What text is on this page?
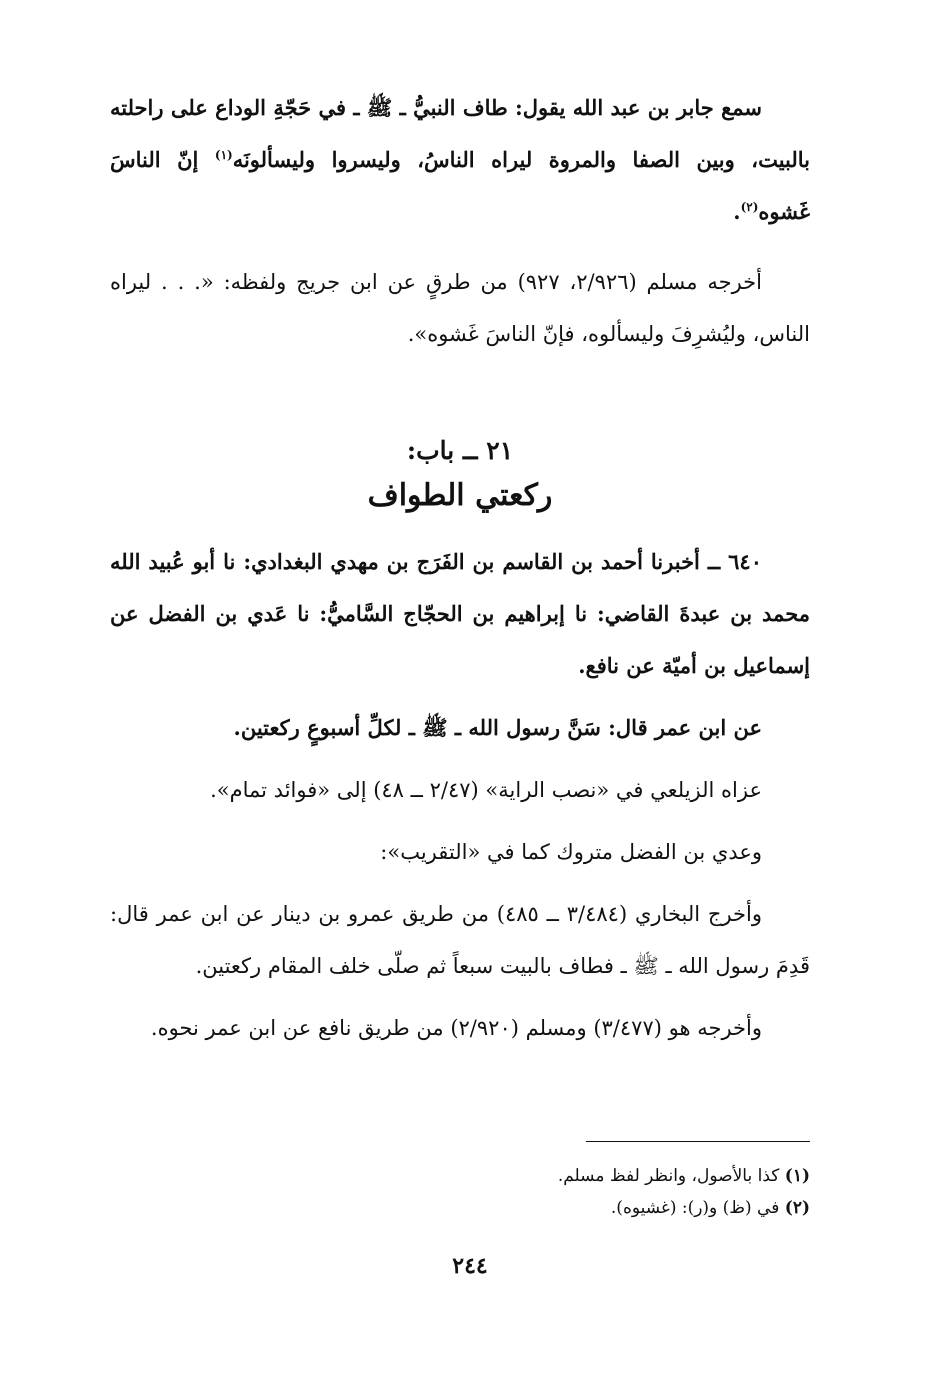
سمع جابر بن عبد الله يقول: طاف النبيُّ ـ ﷺ ـ في حَجّةِ الوداع على راحلته بالبيت، وبين الصفا والمروة ليراه الناسُ، وليسروا وليسألونَه$^{(١)}$ إنّ الناسَ غَشوه$^{(٢)}$.

أخرجه مسلم (٢/٩٢٦، ٩٢٧) من طرقٍ عن ابن جريج ولفظه: «. . . ليراه الناس، وليُشرِفَ وليسألوه، فإنّ الناسَ غَشوه».

٢١ ــ باب:
ركعتي الطواف

٦٤٠ ــ أخبرنا أحمد بن القاسم بن الفَرَج بن مهدي البغدادي: نا أبو عُبيد الله محمد بن عبدةَ القاضي: نا إبراهيم بن الحجّاج السَّاميُّ: نا عَدي بن الفضل عن إسماعيل بن أميّة عن نافع.

عن ابن عمر قال: سَنَّ رسول الله ـ ﷺ ـ لكلِّ أسبوعٍ ركعتين.

عزاه الزيلعي في «نصب الراية» (٢/٤٧ ــ ٤٨) إلى «فوائد تمام».

وعدي بن الفضل متروك كما في «التقريب»:

وأخرج البخاري (٣/٤٨٤ ــ ٤٨٥) من طريق عمرو بن دينار عن ابن عمر قال: قَدِمَ رسول الله ـ ﷺ ـ فطاف بالبيت سبعاً ثم صلّى خلف المقام ركعتين.

وأخرجه هو (٣/٤٧٧) ومسلم (٢/٩٢٠) من طريق نافع عن ابن عمر نحوه.

(١) كذا بالأصول، وانظر لفظ مسلم.
(٢) في (ظ) و(ر): (غشيوه).
٢٤٤
